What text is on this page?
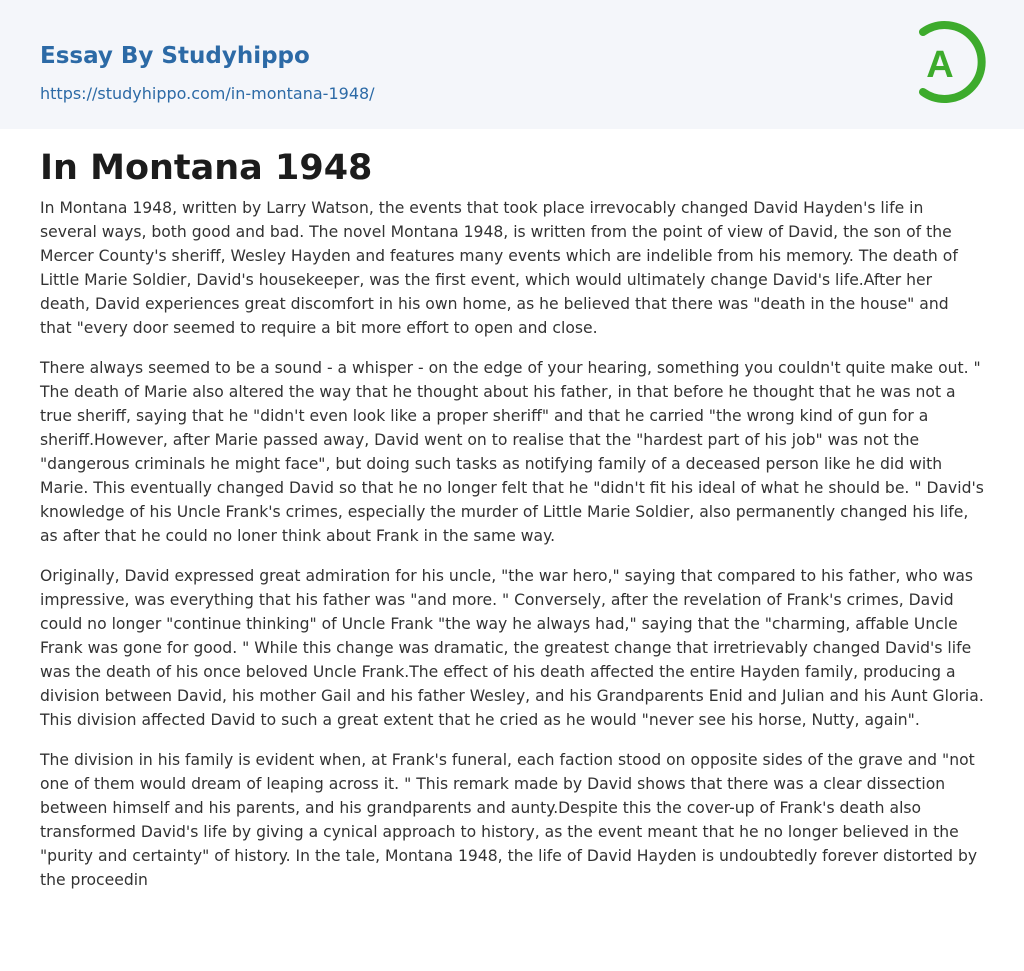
Essay By Studyhippo
https://studyhippo.com/in-montana-1948/
A
In Montana 1948

In Montana 1948, written by Larry Watson, the events that took place irrevocably changed David Hayden's life in several ways, both good and bad. The novel Montana 1948, is written from the point of view of David, the son of the Mercer County's sheriff, Wesley Hayden and features many events which are indelible from his memory. The death of Little Marie Soldier, David's housekeeper, was the first event, which would ultimately change David's life.After her death, David experiences great discomfort in his own home, as he believed that there was "death in the house" and that "every door seemed to require a bit more effort to open and close.

There always seemed to be a sound - a whisper - on the edge of your hearing, something you couldn't quite make out. " The death of Marie also altered the way that he thought about his father, in that before he thought that he was not a true sheriff, saying that he "didn't even look like a proper sheriff" and that he carried "the wrong kind of gun for a sheriff.However, after Marie passed away, David went on to realise that the "hardest part of his job" was not the "dangerous criminals he might face", but doing such tasks as notifying family of a deceased person like he did with Marie. This eventually changed David so that he no longer felt that he "didn't fit his ideal of what he should be. " David's knowledge of his Uncle Frank's crimes, especially the murder of Little Marie Soldier, also permanently changed his life, as after that he could no loner think about Frank in the same way.

Originally, David expressed great admiration for his uncle, "the war hero," saying that compared to his father, who was impressive, was everything that his father was "and more. " Conversely, after the revelation of Frank's crimes, David could no longer "continue thinking" of Uncle Frank "the way he always had," saying that the "charming, affable Uncle Frank was gone for good. " While this change was dramatic, the greatest change that irretrievably changed David's life was the death of his once beloved Uncle Frank.The effect of his death affected the entire Hayden family, producing a division between David, his mother Gail and his father Wesley, and his Grandparents Enid and Julian and his Aunt Gloria. This division affected David to such a great extent that he cried as he would "never see his horse, Nutty, again".

The division in his family is evident when, at Frank's funeral, each faction stood on opposite sides of the grave and "not one of them would dream of leaping across it. " This remark made by David shows that there was a clear dissection between himself and his parents, and his grandparents and aunty.Despite this the cover-up of Frank's death also transformed David's life by giving a cynical approach to history, as the event meant that he no longer believed in the "purity and certainty" of history. In the tale, Montana 1948, the life of David Hayden is undoubtedly forever distorted by the proceedin
